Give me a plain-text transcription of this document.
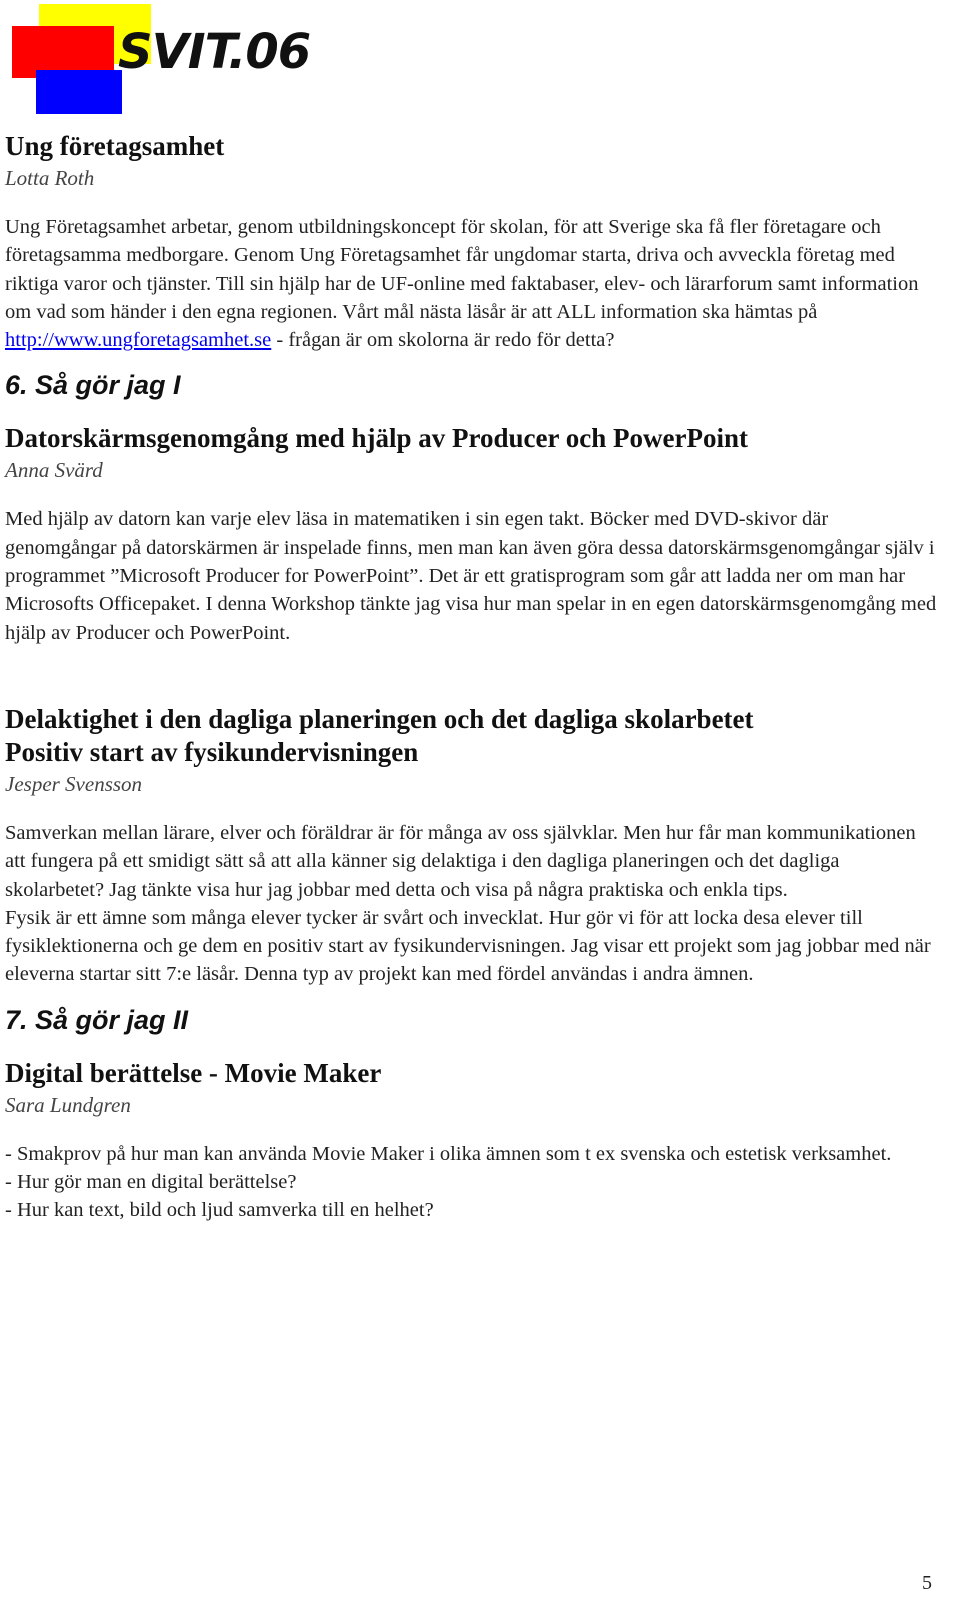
SVIT.06
Ung företagsamhet
Lotta Roth

Ung Företagsamhet arbetar, genom utbildningskoncept för skolan, för att Sverige ska få fler företagare och företagsamma medborgare. Genom Ung Företagsamhet får ungdomar starta, driva och avveckla företag med riktiga varor och tjänster. Till sin hjälp har de UF-online med faktabaser, elev- och lärarforum samt information om vad som händer i den egna regionen. Vårt mål nästa läsår är att ALL information ska hämtas på http://www.ungforetagsamhet.se - frågan är om skolorna är redo för detta?

6. Så gör jag I
Datorskärmsgenomgång med hjälp av Producer och PowerPoint
Anna Svärd

Med hjälp av datorn kan varje elev läsa in matematiken i sin egen takt. Böcker med DVD-skivor där genomgångar på datorskärmen är inspelade finns, men man kan även göra dessa datorskärmsgenomgångar själv i programmet ”Microsoft Producer for PowerPoint”. Det är ett gratisprogram som går att ladda ner om man har Microsofts Officepaket. I denna Workshop tänkte jag visa hur man spelar in en egen datorskärmsgenomgång med hjälp av Producer och PowerPoint.

Delaktighet i den dagliga planeringen och det dagliga skolarbetet
Positiv start av fysikundervisningen
Jesper Svensson

Samverkan mellan lärare, elver och föräldrar är för många av oss självklar. Men hur får man kommunikationen att fungera på ett smidigt sätt så att alla känner sig delaktiga i den dagliga planeringen och det dagliga skolarbetet? Jag tänkte visa hur jag jobbar med detta och visa på några praktiska och enkla tips.

Fysik är ett ämne som många elever tycker är svårt och invecklat. Hur gör vi för att locka desa elever till fysiklektionerna och ge dem en positiv start av fysikundervisningen. Jag visar ett projekt som jag jobbar med när eleverna startar sitt 7:e läsår. Denna typ av projekt kan med fördel användas i andra ämnen.

7. Så gör jag II
Digital berättelse - Movie Maker
Sara Lundgren

- Smakprov på hur man kan använda Movie Maker i olika ämnen som t ex svenska och estetisk verksamhet.

- Hur gör man en digital berättelse?

- Hur kan text, bild och ljud samverka till en helhet?

5
